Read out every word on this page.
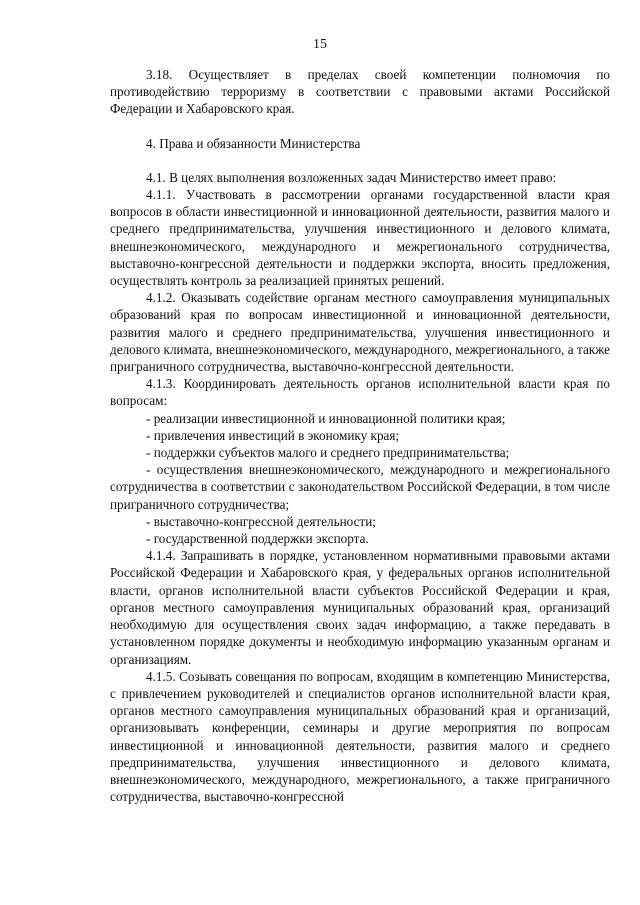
15

3.18. Осуществляет в пределах своей компетенции полномочия по противодействию терроризму в соответствии с правовыми актами Российской Федерации и Хабаровского края.

4. Права и обязанности Министерства

4.1. В целях выполнения возложенных задач Министерство имеет право:

4.1.1. Участвовать в рассмотрении органами государственной власти края вопросов в области инвестиционной и инновационной деятельности, развития малого и среднего предпринимательства, улучшения инвестиционного и делового климата, внешнеэкономического, международного и межрегионального сотрудничества, выставочно-конгрессной деятельности и поддержки экспорта, вносить предложения, осуществлять контроль за реализацией принятых решений.

4.1.2. Оказывать содействие органам местного самоуправления муниципальных образований края по вопросам инвестиционной и инновационной деятельности, развития малого и среднего предпринимательства, улучшения инвестиционного и делового климата, внешнеэкономического, международного, межрегионального, а также приграничного сотрудничества, выставочно-конгрессной деятельности.

4.1.3. Координировать деятельность органов исполнительной власти края по вопросам:

- реализации инвестиционной и инновационной политики края;

- привлечения инвестиций в экономику края;

- поддержки субъектов малого и среднего предпринимательства;

- осуществления внешнеэкономического, международного и межрегионального сотрудничества в соответствии с законодательством Российской Федерации, в том числе приграничного сотрудничества;

- выставочно-конгрессной деятельности;

- государственной поддержки экспорта.

4.1.4. Запрашивать в порядке, установленном нормативными правовыми актами Российской Федерации и Хабаровского края, у федеральных органов исполнительной власти, органов исполнительной власти субъектов Российской Федерации и края, органов местного самоуправления муниципальных образований края, организаций необходимую для осуществления своих задач информацию, а также передавать в установленном порядке документы и необходимую информацию указанным органам и организациям.

4.1.5. Созывать совещания по вопросам, входящим в компетенцию Министерства, с привлечением руководителей и специалистов органов исполнительной власти края, органов местного самоуправления муниципальных образований края и организаций, организовывать конференции, семинары и другие мероприятия по вопросам инвестиционной и инновационной деятельности, развития малого и среднего предпринимательства, улучшения инвестиционного и делового климата, внешнеэкономического, международного, межрегионального, а также приграничного сотрудничества, выставочно-конгрессной
